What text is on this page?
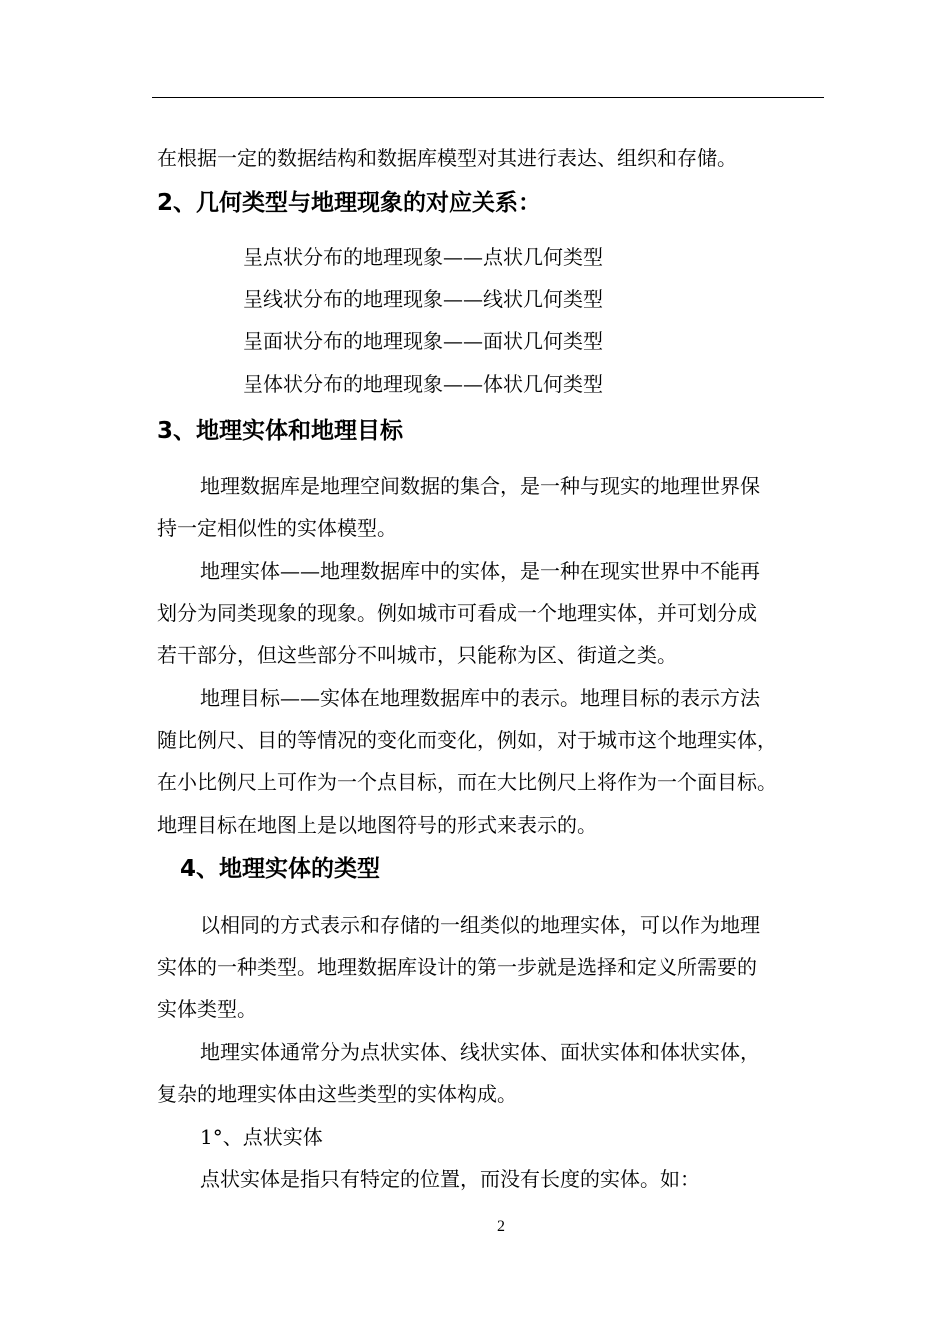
在根据一定的数据结构和数据库模型对其进行表达、组织和存储。
2、几何类型与地理现象的对应关系：
呈点状分布的地理现象——点状几何类型
呈线状分布的地理现象——线状几何类型
呈面状分布的地理现象——面状几何类型
呈体状分布的地理现象——体状几何类型
3、地理实体和地理目标
地理数据库是地理空间数据的集合，是一种与现实的地理世界保
持一定相似性的实体模型。
地理实体——地理数据库中的实体，是一种在现实世界中不能再
划分为同类现象的现象。例如城市可看成一个地理实体，并可划分成
若干部分，但这些部分不叫城市，只能称为区、街道之类。
地理目标——实体在地理数据库中的表示。地理目标的表示方法
随比例尺、目的等情况的变化而变化，例如，对于城市这个地理实体，
在小比例尺上可作为一个点目标，而在大比例尺上将作为一个面目标。
地理目标在地图上是以地图符号的形式来表示的。
4、地理实体的类型
以相同的方式表示和存储的一组类似的地理实体，可以作为地理
实体的一种类型。地理数据库设计的第一步就是选择和定义所需要的
实体类型。
地理实体通常分为点状实体、线状实体、面状实体和体状实体，
复杂的地理实体由这些类型的实体构成。
1°、点状实体
点状实体是指只有特定的位置，而没有长度的实体。如：
2
